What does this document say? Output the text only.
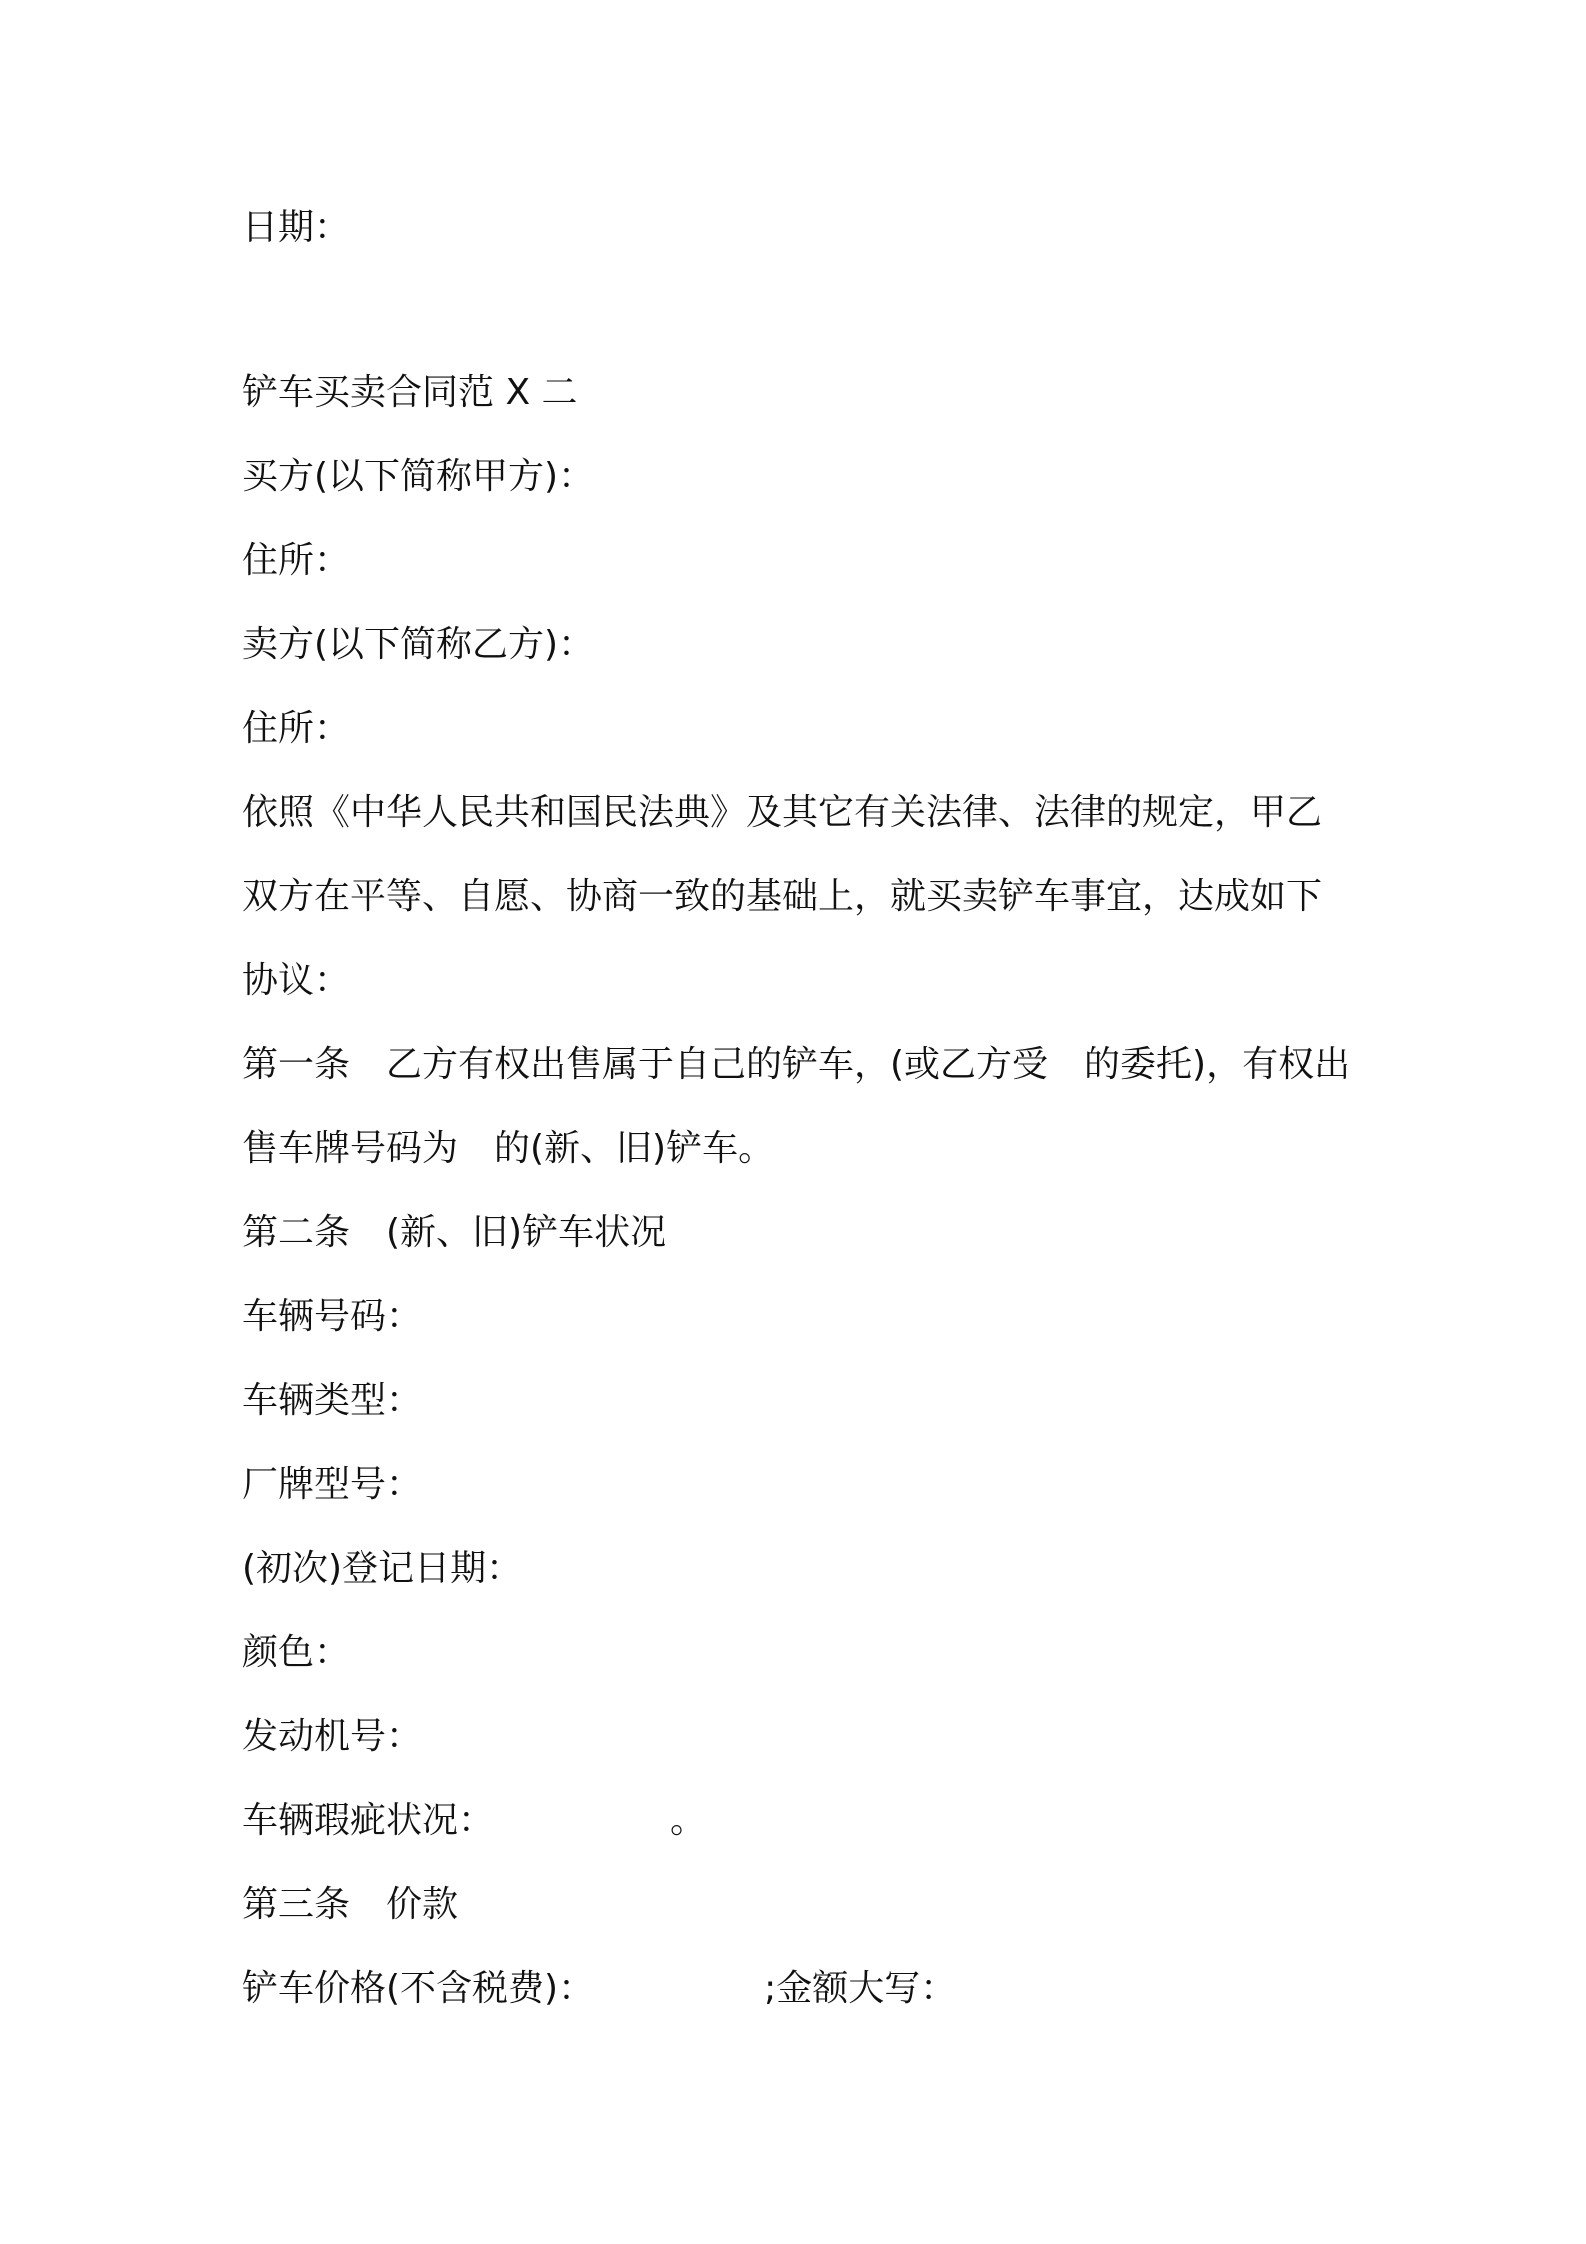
日期：
铲车买卖合同范 X 二
买方(以下简称甲方)：
住所：
卖方(以下简称乙方)：
住所：
依照《中华人民共和国民法典》及其它有关法律、法律的规定，甲乙
双方在平等、自愿、协商一致的基础上，就买卖铲车事宜，达成如下
协议：
第一条　乙方有权出售属于自己的铲车，(或乙方受　的委托)，有权出
售车牌号码为　的(新、旧)铲车。
第二条　(新、旧)铲车状况
车辆号码：
车辆类型：
厂牌型号：
(初次)登记日期：
颜色：
发动机号：
车辆瑕疵状况：	。
第三条　价款
铲车价格(不含税费)：	;金额大写：
